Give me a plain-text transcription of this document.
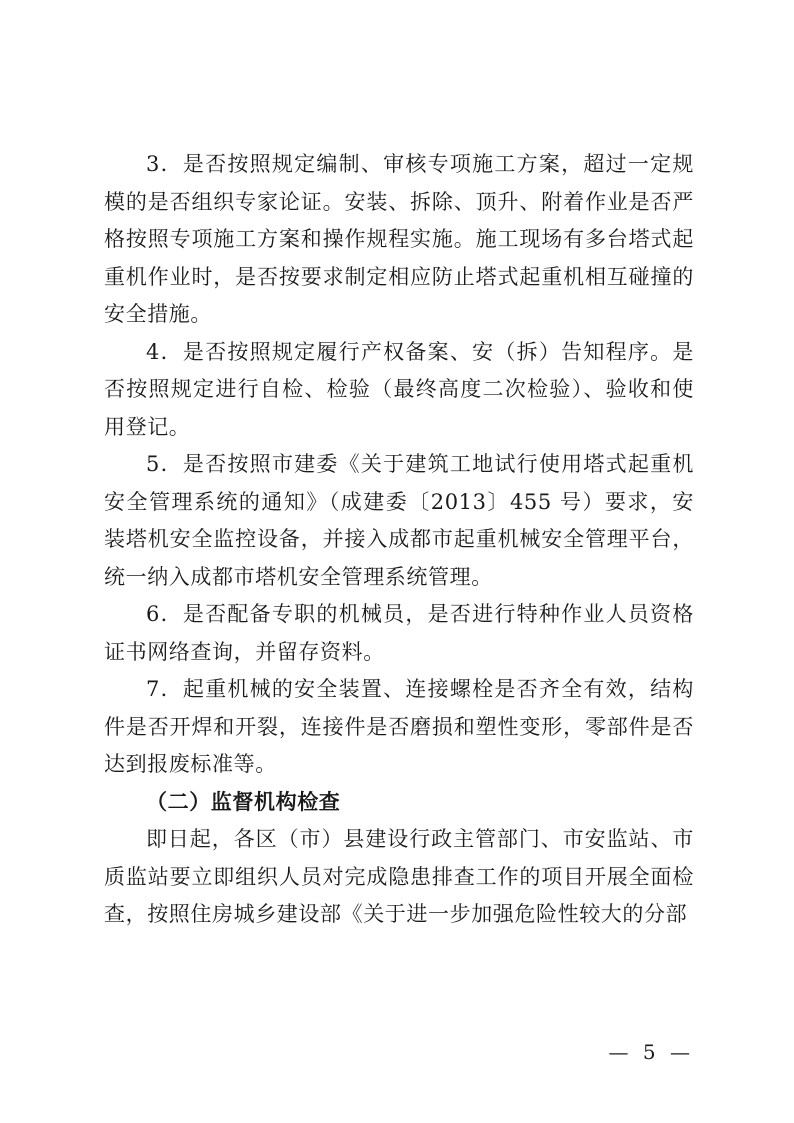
3．是否按照规定编制、审核专项施工方案，超过一定规模的是否组织专家论证。安装、拆除、顶升、附着作业是否严格按照专项施工方案和操作规程实施。施工现场有多台塔式起重机作业时，是否按要求制定相应防止塔式起重机相互碰撞的安全措施。

4．是否按照规定履行产权备案、安（拆）告知程序。是否按照规定进行自检、检验（最终高度二次检验）、验收和使用登记。

5．是否按照市建委《关于建筑工地试行使用塔式起重机安全管理系统的通知》（成建委〔2013〕455 号）要求，安装塔机安全监控设备，并接入成都市起重机械安全管理平台，统一纳入成都市塔机安全管理系统管理。

6．是否配备专职的机械员，是否进行特种作业人员资格证书网络查询，并留存资料。

7．起重机械的安全装置、连接螺栓是否齐全有效，结构件是否开焊和开裂，连接件是否磨损和塑性变形，零部件是否达到报废标准等。

（二）监督机构检查

即日起，各区（市）县建设行政主管部门、市安监站、市质监站要立即组织人员对完成隐患排查工作的项目开展全面检查，按照住房城乡建设部《关于进一步加强危险性较大的分部

— 5 —
